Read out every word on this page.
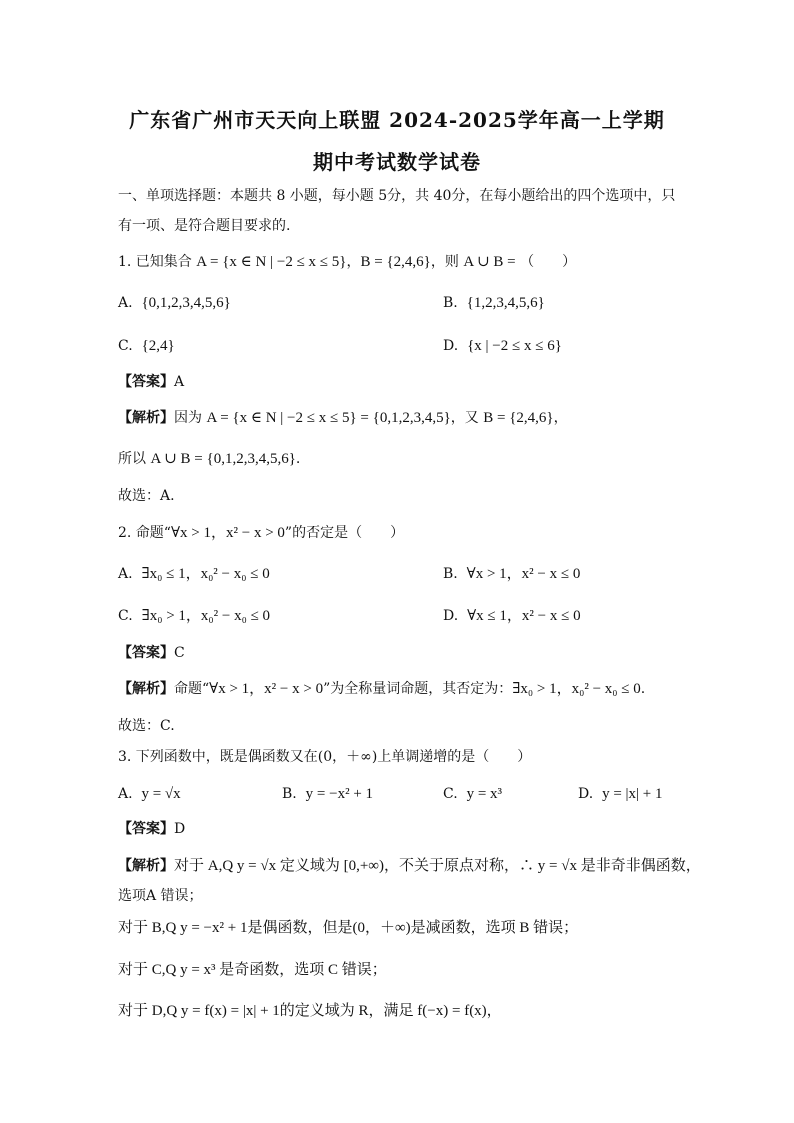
广东省广州市天天向上联盟 2024-2025学年高一上学期
期中考试数学试卷
一、单项选择题：本题共 8 小题，每小题 5分，共 40分，在每小题给出的四个选项中，只
有一项、是符合题目要求的.
1. 已知集合 A = {x ∈ N | −2 ≤ x ≤ 5}，B = {2,4,6}，则 A ∪ B = （　　）
A. {0,1,2,3,4,5,6}	B. {1,2,3,4,5,6}
C. {2,4}	D. {x | −2 ≤ x ≤ 6}
【答案】A
【解析】因为 A = {x ∈ N | −2 ≤ x ≤ 5} = {0,1,2,3,4,5}，又 B = {2,4,6}，
所以 A ∪ B = {0,1,2,3,4,5,6}.
故选：A.
2. 命题“∀x > 1，x² − x > 0”的否定是（　　）
A. ∃x₀ ≤ 1，x₀² − x₀ ≤ 0	B. ∀x > 1，x² − x ≤ 0
C. ∃x₀ > 1，x₀² − x₀ ≤ 0	D. ∀x ≤ 1，x² − x ≤ 0
【答案】C
【解析】命题“∀x > 1，x² − x > 0”为全称量词命题，其否定为：∃x₀ > 1，x₀² − x₀ ≤ 0.
故选：C.
3. 下列函数中，既是偶函数又在(0，＋∞)上单调递增的是（　　）
A. y = √x	B. y = −x² + 1	C. y = x³	D. y = |x| + 1
【答案】D
【解析】对于 A,Q y = √x 定义域为 [0,+∞)，不关于原点对称，∴ y = √x 是非奇非偶函数，
选项A 错误；
对于 B,Q y = −x² + 1是偶函数，但是(0，＋∞)是减函数，选项 B 错误；
对于 C,Q y = x³ 是奇函数，选项 C 错误；
对于 D,Q y = f(x) = |x| + 1的定义域为 R，满足 f(−x) = f(x)，
